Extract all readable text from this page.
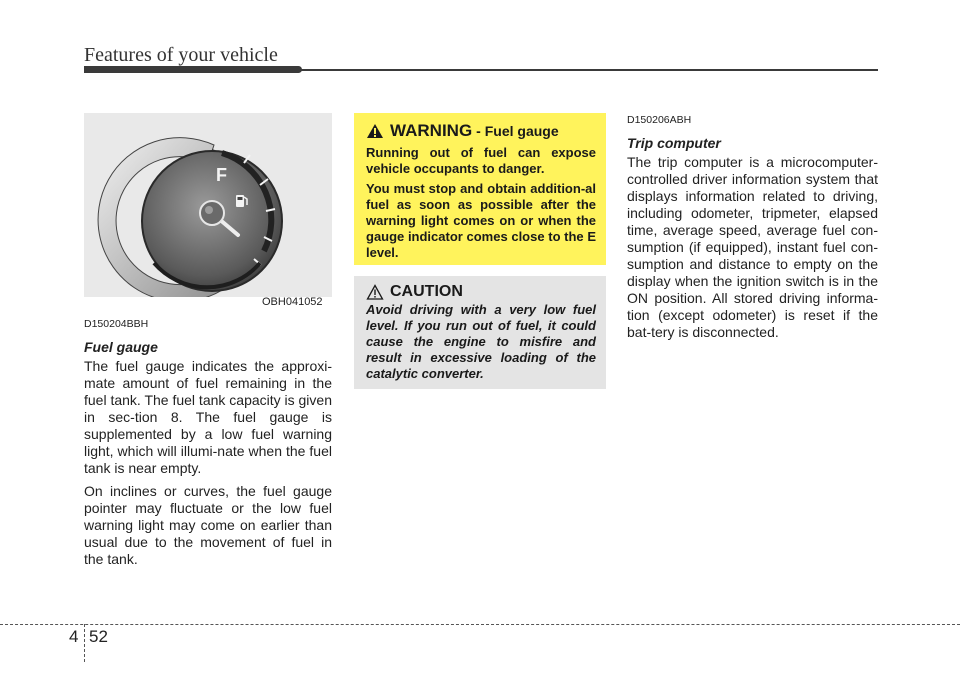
Features of your vehicle
F
OBH041052
D150204BBH
Fuel gauge

The fuel gauge indicates the approxi-mate amount of fuel remaining in the fuel tank. The fuel tank capacity is given in sec-tion 8. The fuel gauge is supplemented by a low fuel warning light, which will illumi-nate when the fuel tank is near empty.

On inclines or curves, the fuel gauge pointer may fluctuate or the low fuel warning light may come on earlier than usual due to the movement of fuel in the tank.

WARNING - Fuel gauge

Running out of fuel can expose vehicle occupants to danger.

You must stop and obtain addition-al fuel as soon as possible after the warning light comes on or when the gauge indicator comes close to the E level.

CAUTION

Avoid driving with a very low fuel level. If you run out of fuel, it could cause the engine to misfire and result in excessive loading of the catalytic converter.

D150206ABH
Trip computer

The trip computer is a microcomputer-controlled driver information system that displays information related to driving, including odometer, tripmeter, elapsed time, average speed, average fuel con-sumption (if equipped), instant fuel con-sumption and distance to empty on the display when the ignition switch is in the ON position. All stored driving informa-tion (except odometer) is reset if the bat-tery is disconnected.

4 52
